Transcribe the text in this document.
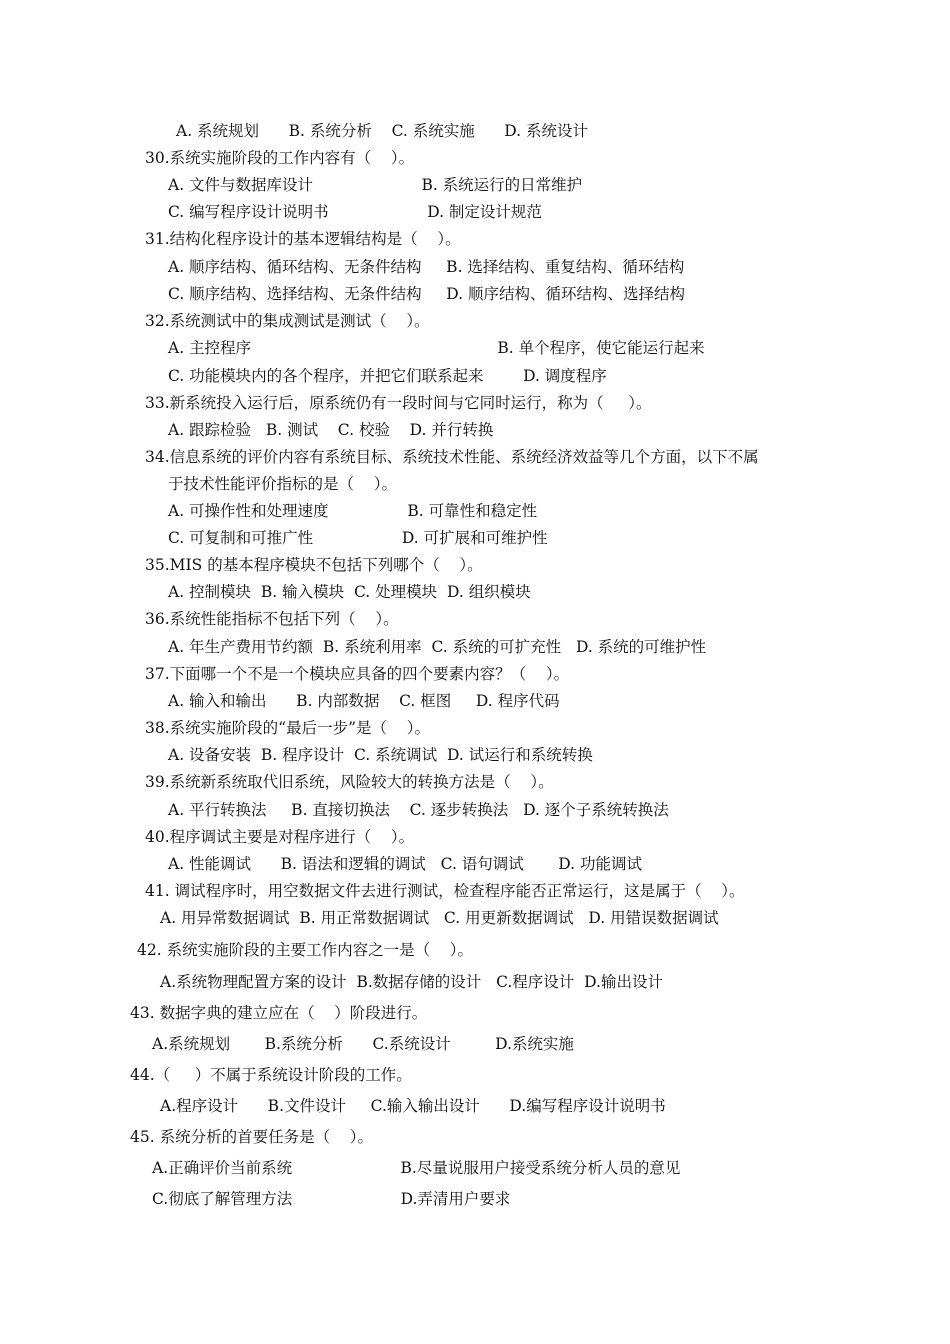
A. 系统规划      B. 系统分析    C. 系统实施      D. 系统设计
30.系统实施阶段的工作内容有（    ）。
A. 文件与数据库设计                      B. 系统运行的日常维护
C. 编写程序设计说明书                    D. 制定设计规范
31.结构化程序设计的基本逻辑结构是（    ）。
A. 顺序结构、循环结构、无条件结构     B. 选择结构、重复结构、循环结构
C. 顺序结构、选择结构、无条件结构     D. 顺序结构、循环结构、选择结构
32.系统测试中的集成测试是测试（    ）。
A. 主控程序                                                  B. 单个程序，使它能运行起来
C. 功能模块内的各个程序，并把它们联系起来        D. 调度程序
33.新系统投入运行后，原系统仍有一段时间与它同时运行，称为（     ）。
A. 跟踪检验   B. 测试    C. 校验    D. 并行转换
34.信息系统的评价内容有系统目标、系统技术性能、系统经济效益等几个方面，以下不属
于技术性能评价指标的是（    ）。
A. 可操作性和处理速度                B. 可靠性和稳定性
C. 可复制和可推广性                  D. 可扩展和可维护性
35.MIS 的基本程序模块不包括下列哪个（    ）。
A. 控制模块  B. 输入模块  C. 处理模块  D. 组织模块
36.系统性能指标不包括下列（    ）。
A. 年生产费用节约额  B. 系统利用率  C. 系统的可扩充性   D. 系统的可维护性
37.下面哪一个不是一个模块应具备的四个要素内容？（    ）。
A. 输入和输出      B. 内部数据    C. 框图     D. 程序代码
38.系统实施阶段的“最后一步”是（    ）。
A. 设备安装  B. 程序设计  C. 系统调试  D. 试运行和系统转换
39.系统新系统取代旧系统，风险较大的转换方法是（    ）。
A. 平行转换法     B. 直接切换法    C. 逐步转换法   D. 逐个子系统转换法
40.程序调试主要是对程序进行（    ）。
A. 性能调试      B. 语法和逻辑的调试   C. 语句调试       D. 功能调试
41. 调试程序时，用空数据文件去进行测试，检查程序能否正常运行，这是属于（    ）。
A. 用异常数据调试  B. 用正常数据调试   C. 用更新数据调试   D. 用错误数据调试
42. 系统实施阶段的主要工作内容之一是（    ）。
A.系统物理配置方案的设计  B.数据存储的设计   C.程序设计  D.输出设计
43. 数据字典的建立应在（    ）阶段进行。
A.系统规划       B.系统分析      C.系统设计         D.系统实施
44.（     ）不属于系统设计阶段的工作。
A.程序设计      B.文件设计     C.输入输出设计      D.编写程序设计说明书
45. 系统分析的首要任务是（    ）。
A.正确评价当前系统                      B.尽量说服用户接受系统分析人员的意见
C.彻底了解管理方法                      D.弄清用户要求
